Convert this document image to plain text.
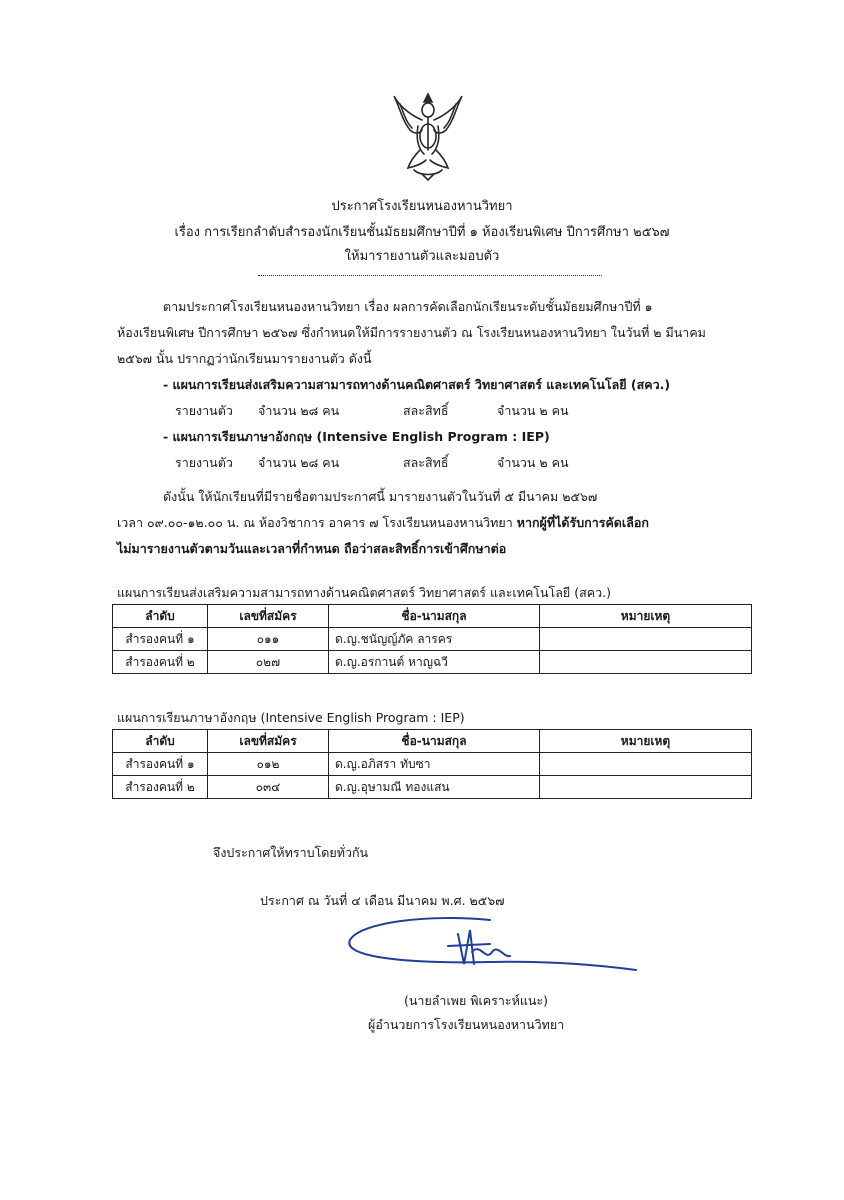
ประกาศโรงเรียนหนองหานวิทยา
เรื่อง การเรียกลำดับสำรองนักเรียนชั้นมัธยมศึกษาปีที่ ๑ ห้องเรียนพิเศษ ปีการศึกษา ๒๕๖๗
ให้มารายงานตัวและมอบตัว
ตามประกาศโรงเรียนหนองหานวิทยา เรื่อง ผลการคัดเลือกนักเรียนระดับชั้นมัธยมศึกษาปีที่ ๑
ห้องเรียนพิเศษ ปีการศึกษา ๒๕๖๗ ซึ่งกำหนดให้มีการรายงานตัว ณ โรงเรียนหนองหานวิทยา ในวันที่ ๒ มีนาคม
๒๕๖๗ นั้น ปรากฏว่านักเรียนมารายงานตัว ดังนี้
- แผนการเรียนส่งเสริมความสามารถทางด้านคณิตศาสตร์ วิทยาศาสตร์ และเทคโนโลยี (สคว.)
รายงานตัว จำนวน ๒๘ คน	สละสิทธิ์	จำนวน ๒ คน
- แผนการเรียนภาษาอังกฤษ (Intensive English Program : IEP)
รายงานตัว จำนวน ๒๘ คน	สละสิทธิ์	จำนวน ๒ คน
ดังนั้น ให้นักเรียนที่มีรายชื่อตามประกาศนี้ มารายงานตัวในวันที่ ๕ มีนาคม ๒๕๖๗
เวลา ๐๙.๐๐-๑๒.๐๐ น. ณ ห้องวิชาการ อาคาร ๗ โรงเรียนหนองหานวิทยา หากผู้ที่ได้รับการคัดเลือก
ไม่มารายงานตัวตามวันและเวลาที่กำหนด ถือว่าสละสิทธิ์การเข้าศึกษาต่อ
แผนการเรียนส่งเสริมความสามารถทางด้านคณิตศาสตร์ วิทยาศาสตร์ และเทคโนโลยี (สคว.)
ลำดับ	เลขที่สมัคร	ชื่อ-นามสกุล	หมายเหตุ
สำรองคนที่ ๑	๐๑๑	ด.ญ.ชนัญญ์ภัค ลารคร	
สำรองคนที่ ๒	๐๒๗	ด.ญ.อรกานต์ หาญฉวี	
แผนการเรียนภาษาอังกฤษ (Intensive English Program : IEP)
ลำดับ	เลขที่สมัคร	ชื่อ-นามสกุล	หมายเหตุ
สำรองคนที่ ๑	๐๑๒	ด.ญ.อภิสรา ทับซา	
สำรองคนที่ ๒	๐๓๔	ด.ญ.อุษามณี ทองแสน	
จึงประกาศให้ทราบโดยทั่วกัน
ประกาศ ณ วันที่ ๔ เดือน มีนาคม พ.ศ. ๒๕๖๗
(นายลำเพย พิเคราะห์แนะ)
ผู้อำนวยการโรงเรียนหนองหานวิทยา
